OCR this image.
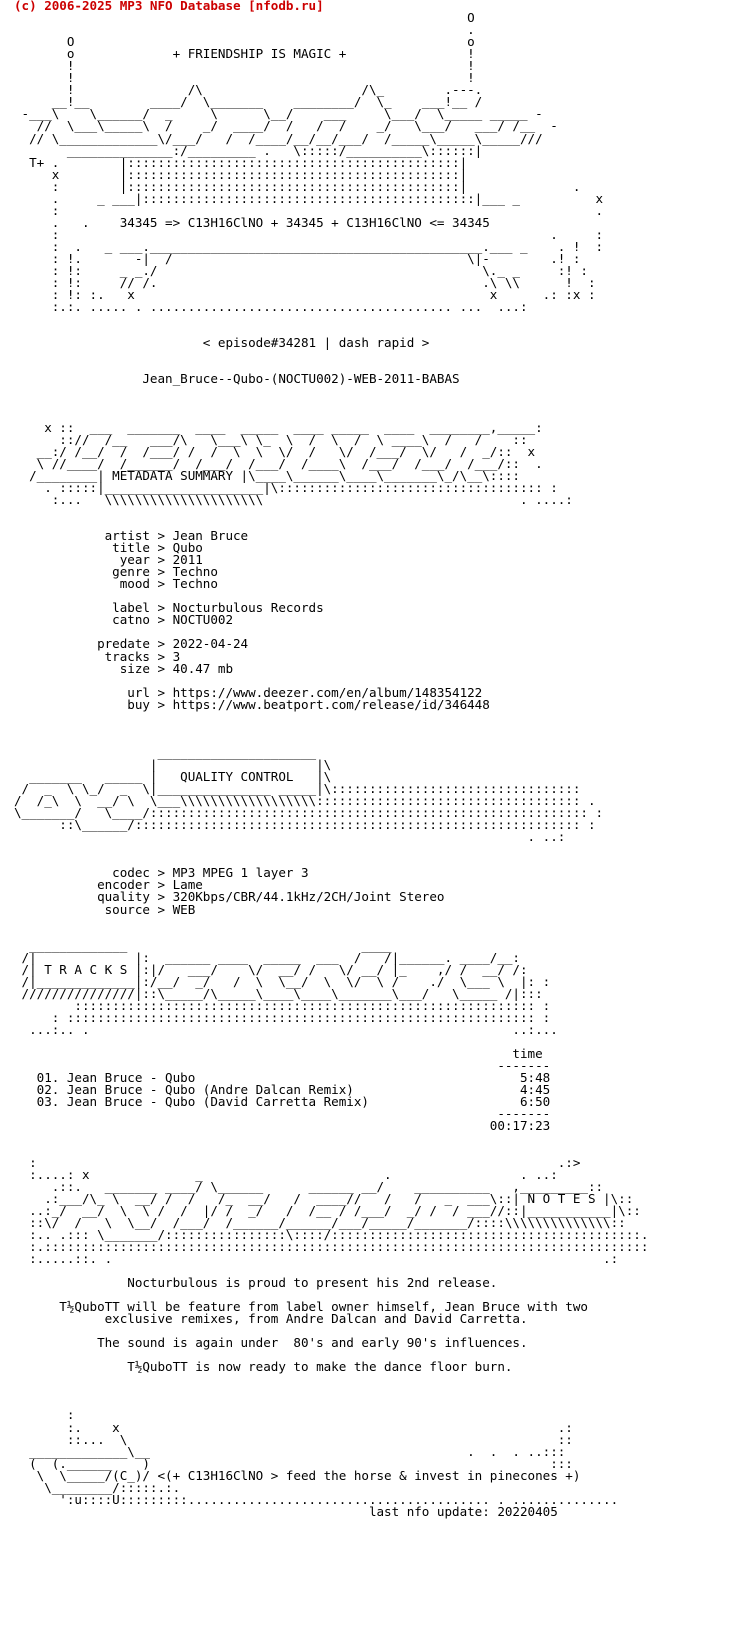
(c) 2006-2025 MP3 NFO Database [nfodb.ru]
O
.
O                                                    o
o             + FRIENDSHIP IS MAGIC +                !
!                                                    !
!                                                    !
!               /\                     /\_        .---.
__!__        ____/  \_______    ________/  \_    ___!__ /
-___\    \______/  _     \      \__/    ___     \___/  \_____ _____ -
//  \___\_____\  /    _/  ____/  /   /  /    _/   \___/   ___/ /__  -
// \_____________\/___/   /  /____/__/__/___/  /_____\_____\_____///
______________:/_________ .   \:::::/__________\::::::|
T+ .        |::::::::::::::::::::::::::::::::::::::::::::|
x        |::::::::::::::::::::::::::::::::::::::::::::|
:        |::::::::::::::::::::::::::::::::::::::::::::|              .
.     _ ___|::::::::::::::::::::::::::::::::::::::::::::|___ _          x
:                                                                       .
.   .    34345 => C13H16ClNO + 34345 + C13H16ClNO <= 34345
:                                                                 .     :
:  .   _ ___.____________________________________________.___ _    . !  :
: !.       -|  /                                       \|-        .! :
: !:     _ _./                                           \._ _     :! :
: !:     // /.                                           .\ \\      !  :
: !: :.   x                                               x      .: :x :
:.:. ..... . ........................................ ...  ...:
< episode#34281 | dash rapid >
Jean_Bruce--Qubo-(NOCTU002)-WEB-2011-BABAS
x ::  ___  _______  ____  _____  ____ _____  ____  ________,_____:
:://  /__   ___/\   \___\ \_  \  /  \  /  \ ____\  /   /    ::
__:/ /__/  /  /___/ /  /  \  \  \/  /   \/  /___/  \/   /  _/::  x
\ //____/  /______/  /___/  /___/  /____\  /___/  /___/  /___/::  .
/________| METADATA SUMMARY |\____\______\____\_______\_/\__\::::
. :::::|_____________________|\::::::::::::::::::::::::::::::::::: :
:...   \\\\\\\\\\\\\\\\\\\\\                                  . ....:
artist > Jean Bruce
title > Qubo
year > 2011
genre > Techno
mood > Techno
label > Nocturbulous Records
catno > NOCTU002
predate > 2022-04-24
tracks > 3
size > 40.47 mb
url > https://www.deezer.com/en/album/148354122
buy > https://www.beatport.com/release/id/346448
_____________________
|                     |\
_______   _____ |   QUALITY CONTROL   |\
/  _  \ \_/  _  \|_______________ _____|\:::::::::::::::::::::::::::::::::
/  /_\  \  __/ \  \___\\\\\\\\\\\\\\\\\\::::::::::::::::::::::::::::::::::: .
\_______/   \____/:::::::::::::::::::::::::::::::::::::::::::::::::::::::::: :
::\______/::::::::::::::::::::::::::::::::::::::::::::::::::::::::::: :
. ..:
codec > MP3 MPEG 1 layer 3
encoder > Lame
quality > 320Kbps/CBR/44.1kHz/2CH/Joint Stereo
source > WEB
_____________                               ____
/|             |:  ______ ____  _____  ___  /   /|______. ____/__:
/| T R A C K S |:|/   ___/    \/  __/ /   \/ __/ |_    ,/ /  __/ /:
/|_____________|:/__/  _/   /  \  \__/  \  \/  \ /    ./  \___ \  |: :
///////////////|::\_____/\_____\____\____\_______\___/   \_____ /|:::
::::::::::::::::::::::::::::::::::::::::::::::::::::::::::::: :
: :::::::::::::::::::::::::::::::::::::::::::::::::::::::::::::: :
...:.. .                                                        ..:...
time
-------
01. Jean Bruce - Qubo                                           5:48
02. Jean Bruce - Qubo (Andre Dalcan Remix)                      4:45
03. Jean Bruce - Qubo (David Carretta Remix)                    6:50
-------
00:17:23
:                                                                     .:>
:....: x              _                        .                 . ..:
.::.   _______ ____/ \______      ______ __/    __________   ,_________::
.:___/\_ \  __/ /  /   /_  __/   /  ____//   /   /   _  ___\::| N O T E S |\::
..:_/  __/  \  \ /  /  |/ /  _/   /  /__ / /___/  _/ /  / ___//::|___________|\::
::\/  /   \  \__/  /___/  /______/______/___/_____/_______/::::\\\\\\\\\\\\\\::
:.. .::: \_______/::::::::::::::::\::::/:::::::::::::::::::::::::::::::::::::::::.
:.::::::::::::::::::::::::::::::::::::::::::::::::::::::::::::::::::::::::::::::::
:.....::. .                                                                 .:
Nocturbulous is proud to present his 2nd release.
T½QuboTT will be feature from label owner himself, Jean Bruce with two
exclusive remixes, from Andre Dalcan and David Carretta.
The sound is again under  80's and early 90's influences.
T½QuboTT is now ready to make the dance floor burn.
:
:.    x                                                          .:
::...  \                                                         ::
_____________\__                                          .  .  . ..:::
(  (.______    )                                                     :::
\  \_____/(C_)/ <(+ C13H16ClNO > feed the horse & invest in pinecones +)
\________/:::::.:.
':u::::U:::::::::........................................ . ..............
last nfo update: 20220405
